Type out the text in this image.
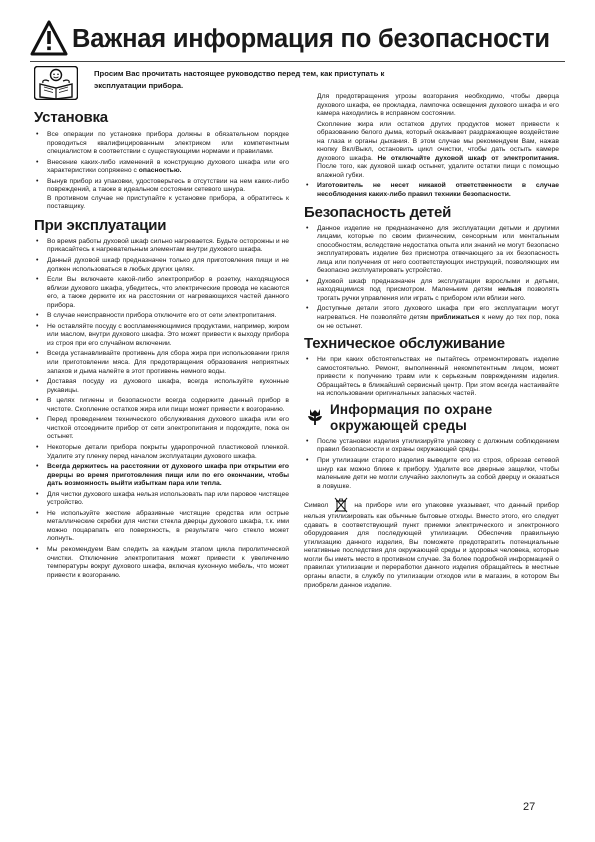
Важная информация по безопасности
Просим Вас прочитать настоящее руководство перед тем, как приступать к эксплуатации прибора.
Установка
• Все операции по установке прибора должны в обязательном порядке проводиться квалифицированным электриком или компетентным специалистом в соответствии с существующими нормами и правилами.
• Внесение каких-либо изменений в конструкцию духового шкафа или его характеристики сопряжено с опасностью.
• Вынув прибор из упаковки, удостоверьтесь в отсутствии на нем каких-либо повреждений, а также в идеальном состоянии сетевого шнура.
В противном случае не приступайте к установке прибора, а обратитесь к поставщику.
При эксплуатации
• Во время работы духовой шкаф сильно нагревается. Будьте осторожны и не прикасайтесь к нагревательным элементам внутри духового шкафа.
• Данный духовой шкаф предназначен только для приготовления пищи и не должен использоваться в любых других целях.
• Если Вы включаете какой-либо электроприбор в розетку, находящуюся вблизи духового шкафа, убедитесь, что электрические провода не касаются его, а также держите их на расстоянии от нагревающихся частей данного прибора.
• В случае неисправности прибора отключите его от сети электропитания.
• Не оставляйте посуду с воспламеняющимися продуктами, например, жиром или маслом, внутри духового шкафа. Это может привести к выходу прибора из строя при его случайном включении.
• Всегда устанавливайте противень для сбора жира при использовании гриля или приготовлении мяса. Для предотвращения образования неприятных запахов и дыма налейте в этот противень немного воды.
• Доставая посуду из духового шкафа, всегда используйте кухонные рукавицы.
• В целях гигиены и безопасности всегда содержите данный прибор в чистоте. Скопление остатков жира или пищи может привести к возгоранию.
• Перед проведением технического обслуживания духового шкафа или его чисткой отсоедините прибор от сети электропитания и подождите, пока он остынет.
• Некоторые детали прибора покрыты ударопрочной пластиковой пленкой. Удалите эту пленку перед началом эксплуатации духового шкафа.
• Всегда держитесь на расстоянии от духового шкафа при открытии его дверцы во время приготовления пищи или по его окончании, чтобы дать возможность выйти избыткам пара или тепла.
• Для чистки духового шкафа нельзя использовать пар или паровое чистящее устройство.
• Не используйте жесткие абразивные чистящие средства или острые металлические скребки для чистки стекла дверцы духового шкафа, т.к. ими можно поцарапать его поверхность, в результате чего стекло может лопнуть.
• Мы рекомендуем Вам следить за каждым этапом цикла пиролитической очистки. Отключение электропитания может привести к увеличению температуры вокруг духового шкафа, включая кухонную мебель, что может привести к возгоранию.
Для предотвращения угрозы возгорания необходимо, чтобы дверца духового шкафа, ее прокладка, лампочка освещения духового шкафа и его камера находились в исправном состоянии.
Скопление жира или остатков других продуктов может привести к образованию белого дыма, который оказывает раздражающее воздействие на глаза и органы дыхания. В этом случае мы рекомендуем Вам, нажав кнопку Вкл/Выкл, остановить цикл очистки, чтобы дать остыть камере духового шкафа. Не отключайте духовой шкаф от электропитания. После того, как духовой шкаф остынет, удалите остатки пищи с помощью влажной губки.
• Изготовитель не несет никакой ответственности в случае несоблюдения каких-либо правил техники безопасности.
Безопасность детей
• Данное изделие не предназначено для эксплуатации детьми и другими лицами, которые по своим физическим, сенсорным или ментальным способностям, вследствие недостатка опыта или знаний не могут безопасно эксплуатировать изделие без присмотра отвечающего за их безопасность лица или получения от него соответствующих инструкций, позволяющих им безопасно эксплуатировать устройство.
• Духовой шкаф предназначен для эксплуатации взрослыми и детьми, находящимися под присмотром. Маленьким детям нельзя позволять трогать ручки управления или играть с прибором или вблизи него.
• Доступные детали этого духового шкафа при его эксплуатации могут нагреваться. Не позволяйте детям приближаться к нему до тех пор, пока он не остынет.
Техническое обслуживание
• Ни при каких обстоятельствах не пытайтесь отремонтировать изделие самостоятельно. Ремонт, выполненный некомпетентным лицом, может привести к получению травм или к серьезным повреждениям изделия. Обращайтесь в ближайший сервисный центр. При этом всегда настаивайте на использовании оригинальных запасных частей.
Информация по охране
окружающей среды
• После установки изделия утилизируйте упаковку с должным соблюдением правил безопасности и охраны окружающей среды.
• При утилизации старого изделия выведите его из строя, обрезав сетевой шнур как можно ближе к прибору. Удалите все дверные защелки, чтобы маленькие дети не могли случайно захлопнуть за собой дверцу и оказаться в ловушке.
Символ	на приборе или его упаковке указывает, что данный прибор нельзя утилизировать как обычные бытовые отходы. Вместо этого, его следует сдавать в соответствующий пункт приемки электрического и электронного оборудования для последующей утилизации. Обеспечив правильную утилизацию данного изделия, Вы поможете предотвратить потенциальные негативные последствия для окружающей среды и здоровья человека, которые могли бы иметь место в противном случае. За более подробной информацией о правилах утилизации и переработки данного изделия обращайтесь в местные органы власти, в службу по утилизации отходов или в магазин, в котором Вы приобрели данное изделие.
27
